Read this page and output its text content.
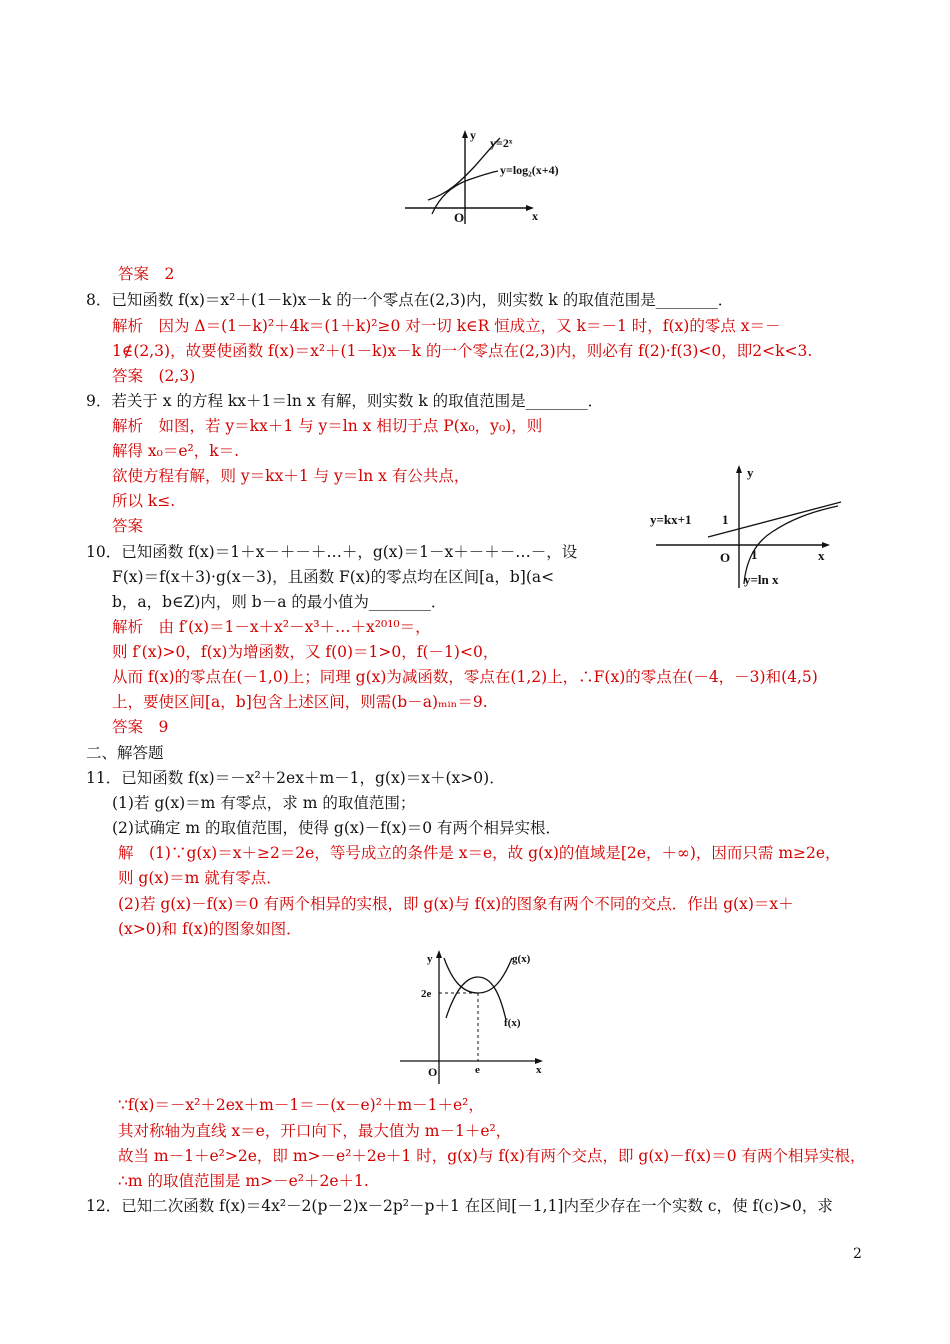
y
y=2ˣ
y=log₂(x+4)
O	x
y
y=kx+1 1
O 1	x
y=ln x
y	g(x)
2e
f(x)
O	e	x
答案　2
8．已知函数 f(x)＝x²＋(1－k)x－k 的一个零点在(2,3)内，则实数 k 的取值范围是________．
解析　因为 Δ＝(1－k)²＋4k＝(1＋k)²≥0 对一切 k∈R 恒成立，又 k＝－1 时，f(x)的零点 x＝－
1∉(2,3)，故要使函数 f(x)＝x²＋(1－k)x－k 的一个零点在(2,3)内，则必有 f(2)·f(3)<0，即2<k<3.
答案　(2,3)
9．若关于 x 的方程 kx＋1＝ln x 有解，则实数 k 的取值范围是________．
解析　如图，若 y＝kx＋1 与 y＝ln x 相切于点 P(x₀，y₀)，则
解得 x₀＝e²，k＝.
欲使方程有解，则 y＝kx＋1 与 y＝ln x 有公共点，
所以 k≤.
答案
10．已知函数 f(x)＝1＋x－＋－＋…＋，g(x)＝1－x＋－＋－…－，设
F(x)＝f(x＋3)·g(x－3)，且函数 F(x)的零点均在区间[a，b](a<
b，a，b∈Z)内，则 b－a 的最小值为________．
解析　由 f′(x)＝1－x＋x²－x³＋…＋x²⁰¹⁰＝，
则 f′(x)>0，f(x)为增函数，又 f(0)＝1>0，f(－1)<0，
从而 f(x)的零点在(－1,0)上；同理 g(x)为减函数，零点在(1,2)上，∴F(x)的零点在(－4，－3)和(4,5)
上，要使区间[a，b]包含上述区间，则需(b－a)ₘᵢₙ＝9.
答案　9
二、解答题
11．已知函数 f(x)＝－x²＋2ex＋m－1，g(x)＝x＋(x>0)．
(1)若 g(x)＝m 有零点，求 m 的取值范围；
(2)试确定 m 的取值范围，使得 g(x)－f(x)＝0 有两个相异实根．
解　(1)∵g(x)＝x＋≥2＝2e，等号成立的条件是 x＝e，故 g(x)的值域是[2e，＋∞)，因而只需 m≥2e，
则 g(x)＝m 就有零点．
(2)若 g(x)－f(x)＝0 有两个相异的实根，即 g(x)与 f(x)的图象有两个不同的交点．作出 g(x)＝x＋
(x>0)和 f(x)的图象如图．
∵f(x)＝－x²＋2ex＋m－1＝－(x－e)²＋m－1＋e²，
其对称轴为直线 x＝e，开口向下，最大值为 m－1＋e²，
故当 m－1＋e²>2e，即 m>－e²＋2e＋1 时，g(x)与 f(x)有两个交点，即 g(x)－f(x)＝0 有两个相异实根，
∴m 的取值范围是 m>－e²＋2e＋1.
12．已知二次函数 f(x)＝4x²－2(p－2)x－2p²－p＋1 在区间[－1,1]内至少存在一个实数 c，使 f(c)>0，求
2
